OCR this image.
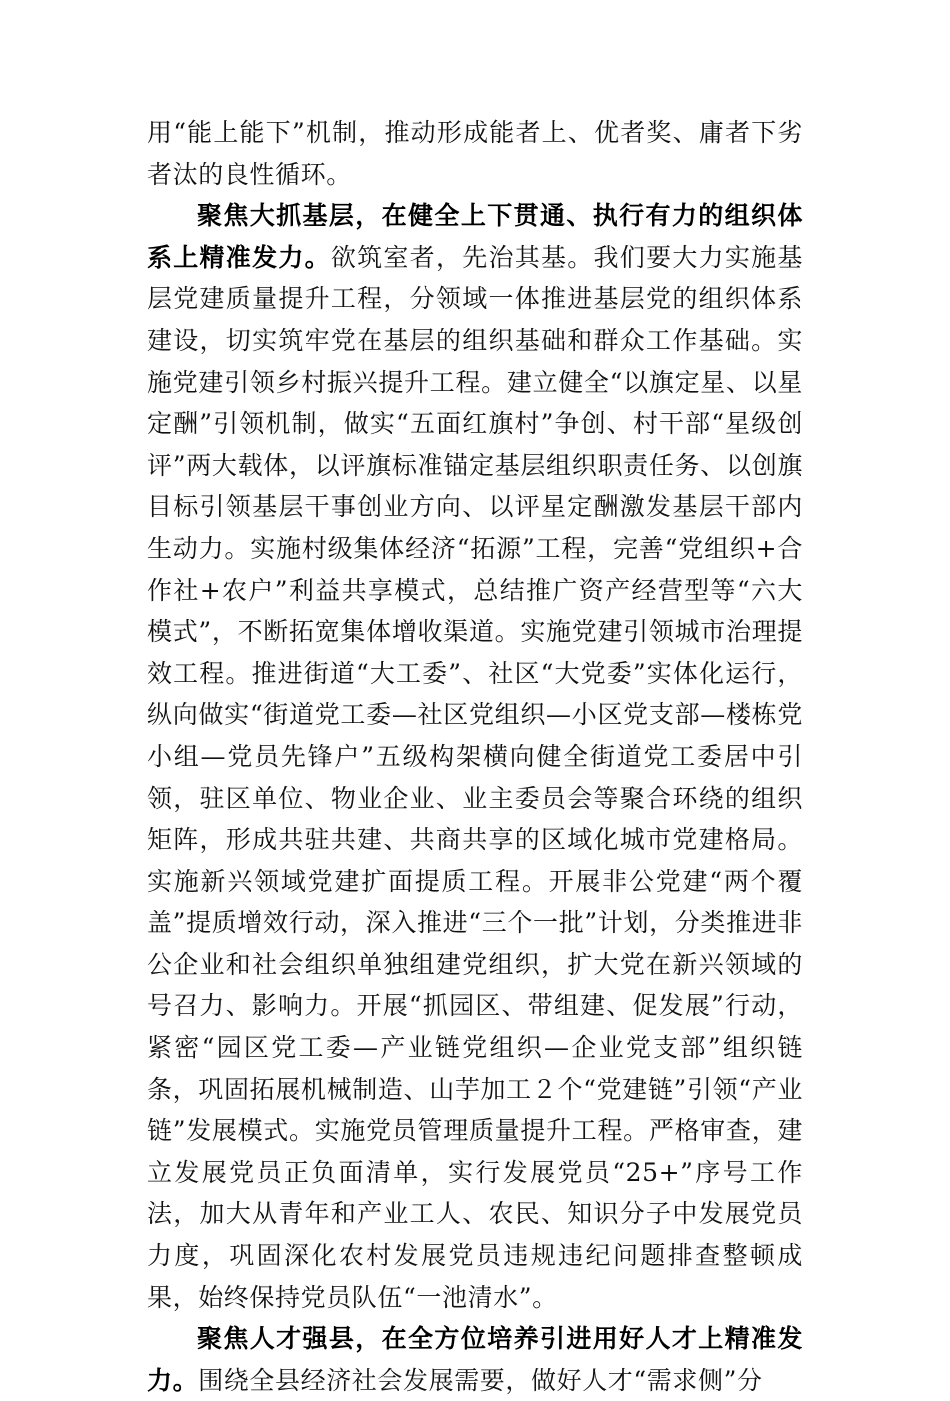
用“能上能下”机制，推动形成能者上、优者奖、庸者下劣者汰的良性循环。

聚焦大抓基层，在健全上下贯通、执行有力的组织体系上精准发力。欲筑室者，先治其基。我们要大力实施基层党建质量提升工程，分领域一体推进基层党的组织体系建设，切实筑牢党在基层的组织基础和群众工作基础。实施党建引领乡村振兴提升工程。建立健全“以旗定星、以星定酬”引领机制，做实“五面红旗村”争创、村干部“星级创评”两大载体，以评旗标准锚定基层组织职责任务、以创旗目标引领基层干事创业方向、以评星定酬激发基层干部内生动力。实施村级集体经济“拓源”工程，完善“党组织+合作社+农户”利益共享模式，总结推广资产经营型等“六大模式”，不断拓宽集体增收渠道。实施党建引领城市治理提效工程。推进街道“大工委”、社区“大党委”实体化运行，纵向做实“街道党工委—社区党组织—小区党支部—楼栋党小组—党员先锋户”五级构架横向健全街道党工委居中引领，驻区单位、物业企业、业主委员会等聚合环绕的组织矩阵，形成共驻共建、共商共享的区域化城市党建格局。实施新兴领域党建扩面提质工程。开展非公党建“两个覆盖”提质增效行动，深入推进“三个一批”计划，分类推进非公企业和社会组织单独组建党组织，扩大党在新兴领域的号召力、影响力。开展“抓园区、带组建、促发展”行动，紧密“园区党工委—产业链党组织—企业党支部”组织链条，巩固拓展机械制造、山芋加工２个“党建链”引领“产业链”发展模式。实施党员管理质量提升工程。严格审查，建立发展党员正负面清单，实行发展党员“25+”序号工作法，加大从青年和产业工人、农民、知识分子中发展党员力度，巩固深化农村发展党员违规违纪问题排查整顿成果，始终保持党员队伍“一池清水”。

聚焦人才强县，在全方位培养引进用好人才上精准发力。围绕全县经济社会发展需要，做好人才“需求侧”分
